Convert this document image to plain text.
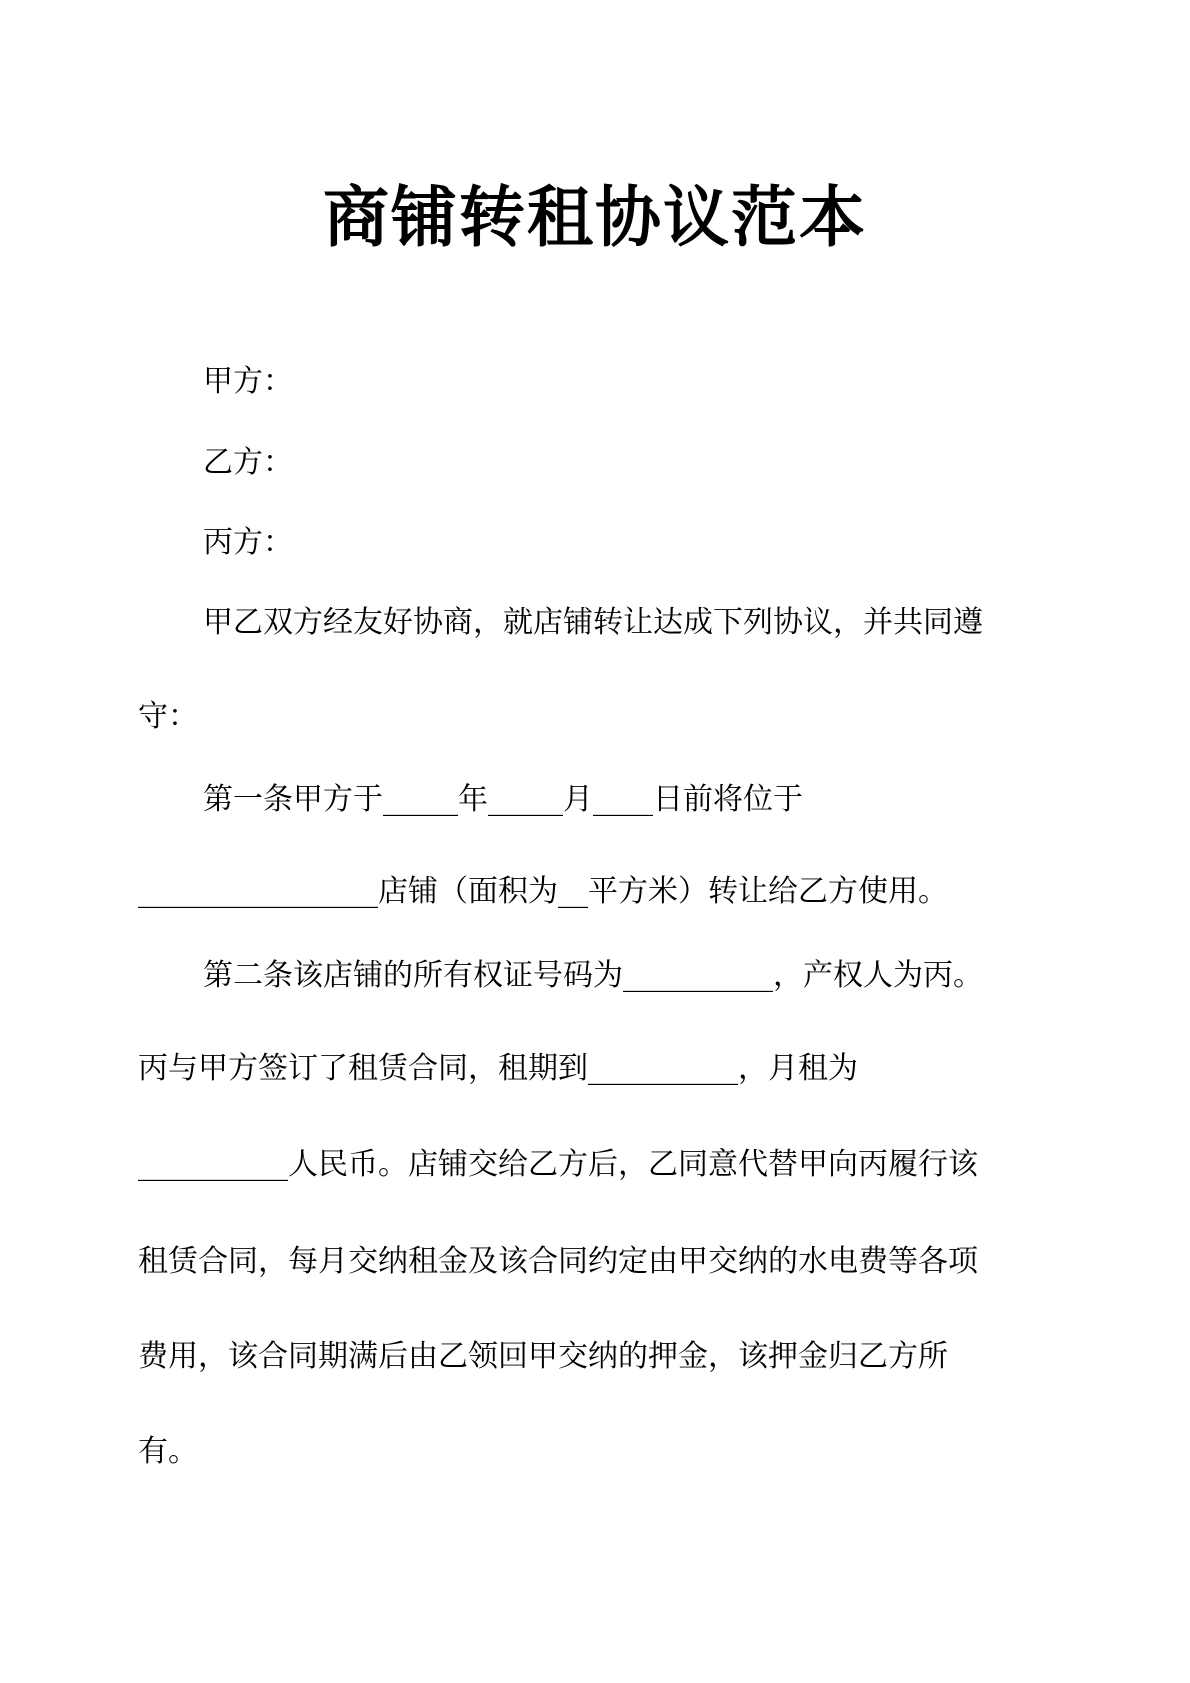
商铺转租协议范本
甲方：
乙方：
丙方：
甲乙双方经友好协商，就店铺转让达成下列协议，并共同遵
守：
第一条甲方于_____年_____月____日前将位于
________________店铺（面积为__平方米）转让给乙方使用。
第二条该店铺的所有权证号码为__________，产权人为丙。
丙与甲方签订了租赁合同，租期到__________，月租为
__________人民币。店铺交给乙方后，乙同意代替甲向丙履行该
租赁合同，每月交纳租金及该合同约定由甲交纳的水电费等各项
费用，该合同期满后由乙领回甲交纳的押金，该押金归乙方所
有。
